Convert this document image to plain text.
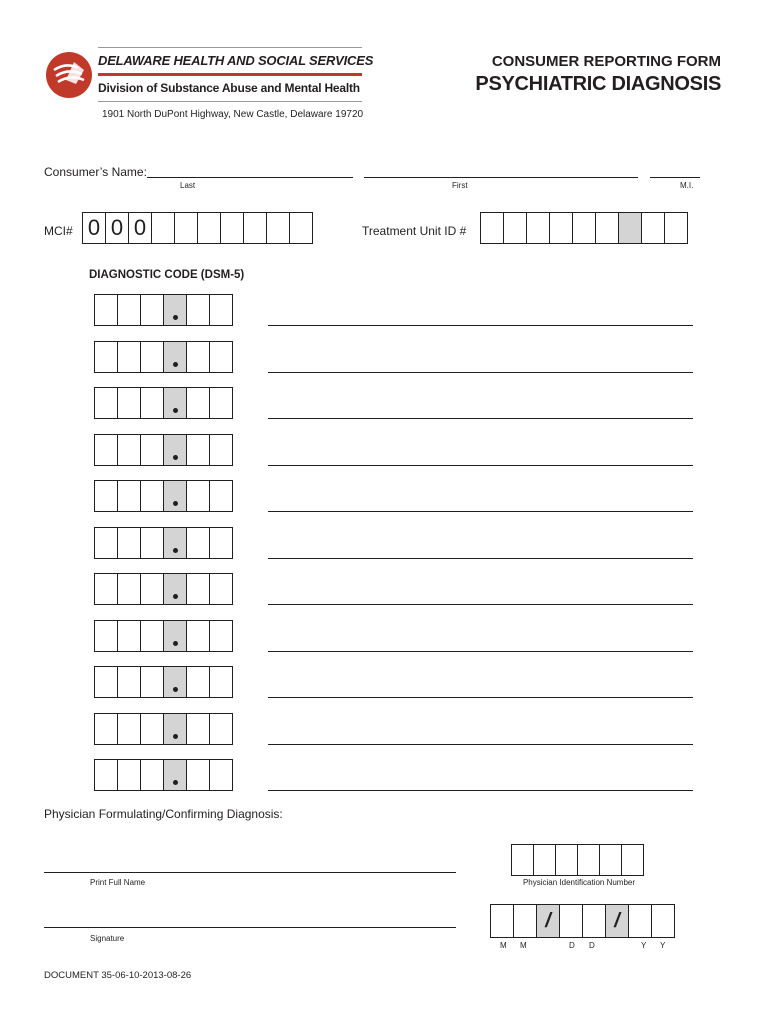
DELAWARE HEALTH AND SOCIAL SERVICES
Division of Substance Abuse and Mental Health
1901 North DuPont Highway, New Castle, Delaware 19720
CONSUMER REPORTING FORM
PSYCHIATRIC DIAGNOSIS
Consumer’s Name:
Last	First	M.I.
MCI# 0 0 0	Treatment Unit ID #
DIAGNOSTIC CODE (DSM-5)
Physician Formulating/Confirming Diagnosis:
Print Full Name	Physician Identification Number
Signature
/	/
M M	D D	Y Y
DOCUMENT 35-06-10-2013-08-26
